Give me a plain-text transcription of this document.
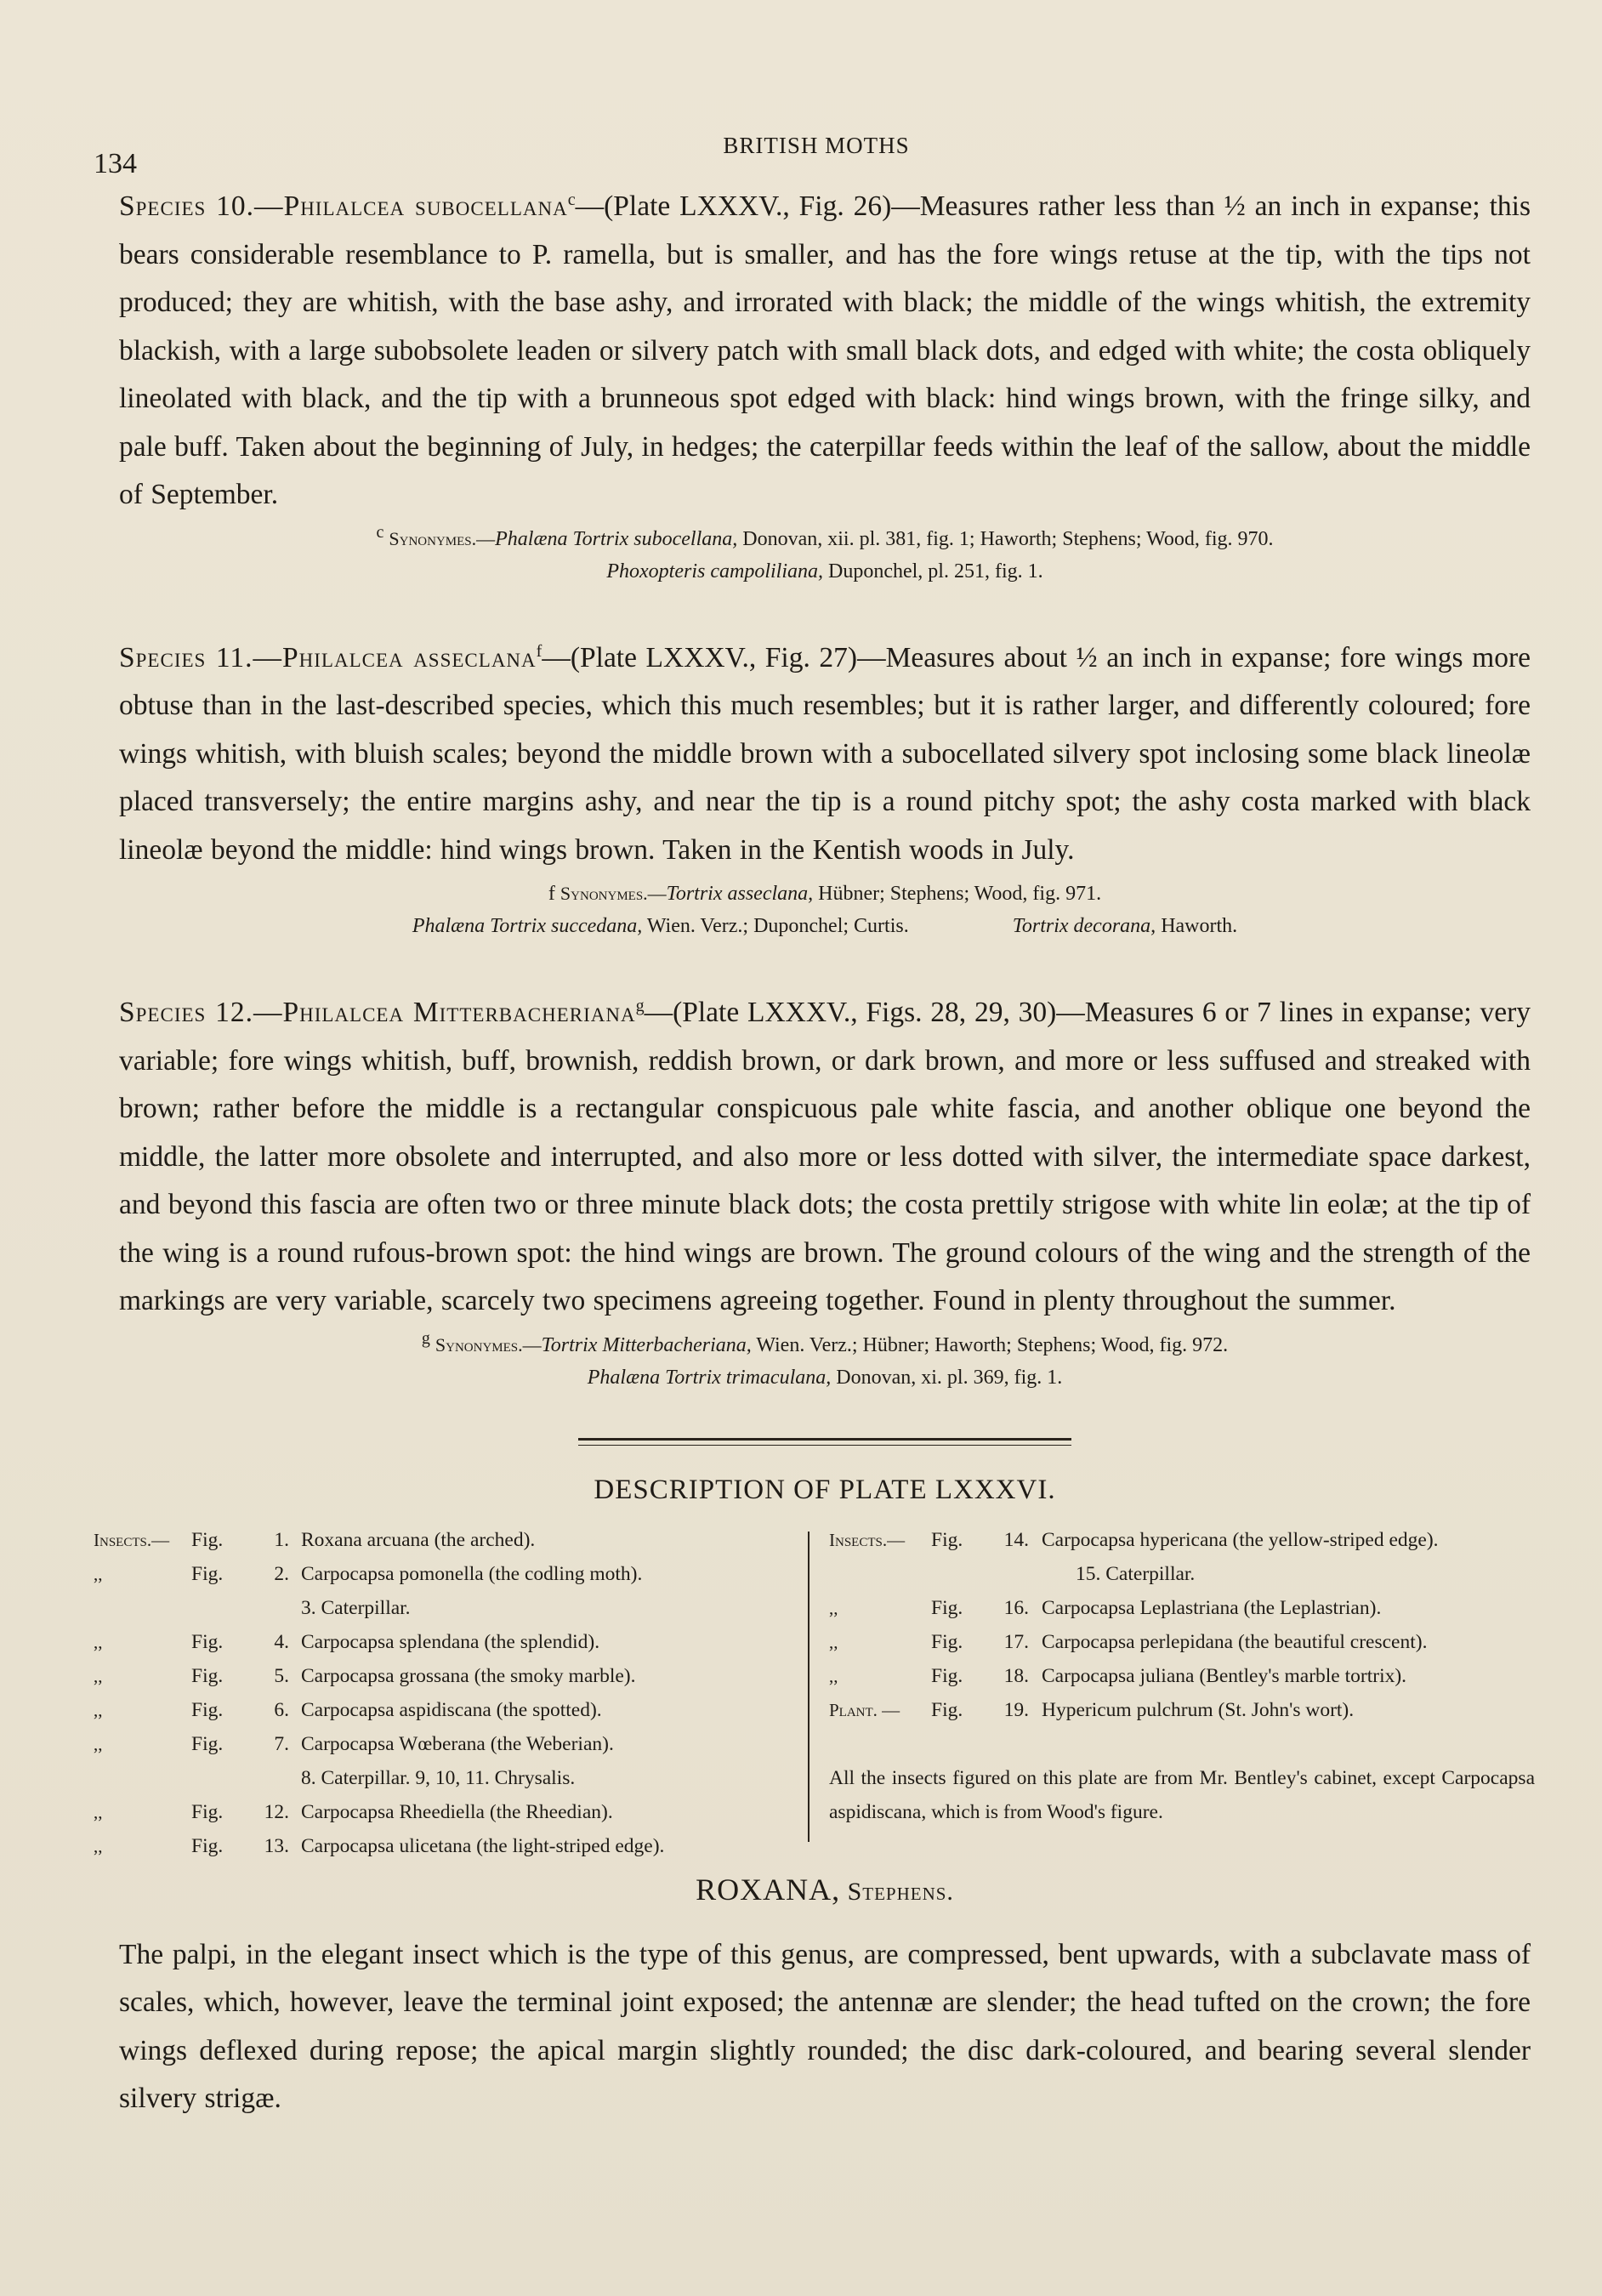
134
BRITISH MOTHS

Species 10.—Philalcea subocellana$^c$—(Plate LXXXV., Fig. 26)—Measures rather less than ½ an inch in expanse; this bears considerable resemblance to P. ramella, but is smaller, and has the fore wings retuse at the tip, with the tips not produced; they are whitish, with the base ashy, and irrorated with black; the middle of the wings whitish, the extremity blackish, with a large subobsolete leaden or silvery patch with small black dots, and edged with white; the costa obliquely lineolated with black, and the tip with a brunneous spot edged with black: hind wings brown, with the fringe silky, and pale buff. Taken about the beginning of July, in hedges; the caterpillar feeds within the leaf of the sallow, about the middle of September.

$^c$ Synonymes.—Phalæna Tortrix subocellana, Donovan, xii. pl. 381, fig. 1; Haworth; Stephens; Wood, fig. 970.
Phoxopteris campoliliana, Duponchel, pl. 251, fig. 1.

Species 11.—Philalcea asseclana$^f$—(Plate LXXXV., Fig. 27)—Measures about ½ an inch in expanse; fore wings more obtuse than in the last-described species, which this much resembles; but it is rather larger, and differently coloured; fore wings whitish, with bluish scales; beyond the middle brown with a subocellated silvery spot inclosing some black lineolæ placed transversely; the entire margins ashy, and near the tip is a round pitchy spot; the ashy costa marked with black lineolæ beyond the middle: hind wings brown. Taken in the Kentish woods in July.

f Synonymes.—Tortrix asseclana, Hübner; Stephens; Wood, fig. 971.
Phalæna Tortrix succedana, Wien. Verz.; Duponchel; Curtis.	Tortrix decorana, Haworth.

Species 12.—Philalcea Mitterbacheriana$^g$—(Plate LXXXV., Figs. 28, 29, 30)—Measures 6 or 7 lines in expanse; very variable; fore wings whitish, buff, brownish, reddish brown, or dark brown, and more or less suffused and streaked with brown; rather before the middle is a rectangular conspicuous pale white fascia, and another oblique one beyond the middle, the latter more obsolete and interrupted, and also more or less dotted with silver, the intermediate space darkest, and beyond this fascia are often two or three minute black dots; the costa prettily strigose with white lin eolæ; at the tip of the wing is a round rufous-brown spot: the hind wings are brown. The ground colours of the wing and the strength of the markings are very variable, scarcely two specimens agreeing together. Found in plenty throughout the summer.

$^g$ Synonymes.—Tortrix Mitterbacheriana, Wien. Verz.; Hübner; Haworth; Stephens; Wood, fig. 972.
Phalæna Tortrix trimaculana, Donovan, xi. pl. 369, fig. 1.
DESCRIPTION OF PLATE LXXXVI.
Insects.— Fig.	1. Roxana arcuana (the arched).
,,	Fig.	2. Carpocapsa pomonella (the codling moth).
3. Caterpillar.
,,	Fig.	4. Carpocapsa splendana (the splendid).
,,	Fig.	5. Carpocapsa grossana (the smoky marble).
,,	Fig.	6. Carpocapsa aspidiscana (the spotted).
,,	Fig.	7. Carpocapsa Wœberana (the Weberian).
8. Caterpillar. 9, 10, 11. Chrysalis.
,,	Fig.	12. Carpocapsa Rheediella (the Rheedian).
,,	Fig.	13. Carpocapsa ulicetana (the light-striped edge).
Insects.— Fig.	14. Carpocapsa hypericana (the yellow-striped edge).
15. Caterpillar.
,,	Fig.	16. Carpocapsa Leplastriana (the Leplastrian).
,,	Fig.	17. Carpocapsa perlepidana (the beautiful crescent).
,,	Fig.	18. Carpocapsa juliana (Bentley's marble tortrix).
Plant. — Fig.	19. Hypericum pulchrum (St. John's wort).
All the insects figured on this plate are from Mr. Bentley's cabinet, except Carpocapsa aspidiscana, which is from Wood's figure.
ROXANA, Stephens.

The palpi, in the elegant insect which is the type of this genus, are compressed, bent upwards, with a subclavate mass of scales, which, however, leave the terminal joint exposed; the antennæ are slender; the head tufted on the crown; the fore wings deflexed during repose; the apical margin slightly rounded; the disc dark-coloured, and bearing several slender silvery strigæ.
